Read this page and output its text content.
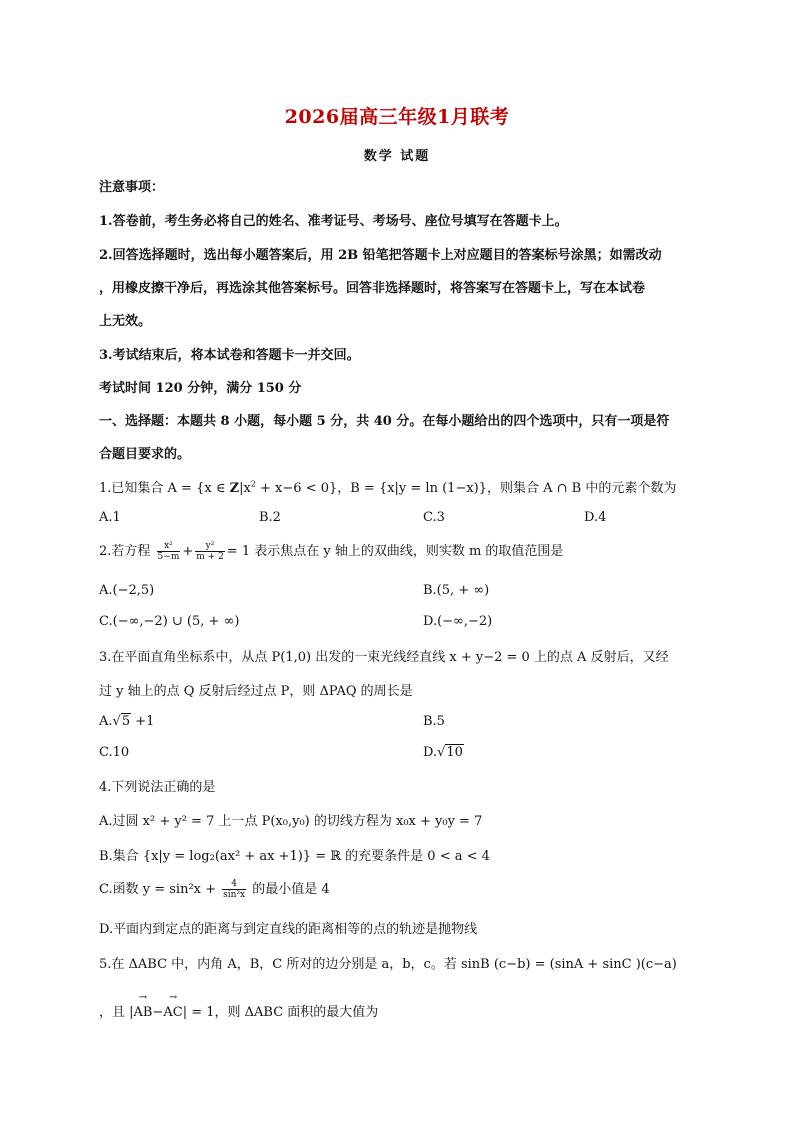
2026届高三年级1月联考
数学 试题
注意事项：
1.答卷前，考生务必将自己的姓名、准考证号、考场号、座位号填写在答题卡上。
2.回答选择题时，选出每小题答案后，用 2B 铅笔把答题卡上对应题目的答案标号涂黑；如需改动
，用橡皮擦干净后，再选涂其他答案标号。回答非选择题时，将答案写在答题卡上，写在本试卷
上无效。
3.考试结束后，将本试卷和答题卡一并交回。
考试时间 120 分钟，满分 150 分
一、选择题：本题共 8 小题，每小题 5 分，共 40 分。在每小题给出的四个选项中，只有一项是符
合题目要求的。
1.已知集合 A = {x ∈ $Z|x^2 + x-6 < 0$}，B = {x|y = ln (1−x)}，则集合 A ∩ B 中的元素个数为
A.1	B.2	C.3	D.4
2.若方程 $\frac{\text{x²}}{5-m} + \frac{\text{y²}}{m + 2} = 1$ 表示焦点在 y 轴上的双曲线，则实数 m 的取值范围是
A.(−2,5)	B.(5, + ∞)
C.(−∞,−2) ∪ (5, + ∞)	D.(−∞,−2)
3.在平面直角坐标系中，从点 P(1,0) 出发的一束光线经直线 x + y−2 = 0 上的点 A 反射后，又经
过 y 轴上的点 Q 反射后经过点 P，则 ΔPAQ 的周长是
A.√5 +1	B.5
C.10	D.√10
4.下列说法正确的是
A.过圆 x² + y² = 7 上一点 P(x₀,y₀) 的切线方程为 x₀x + y₀y = 7
B.集合 {x|y = log₂(ax² + ax +1)} = ℝ 的充要条件是 0 < a < 4
C.函数 $y = \sin^2x + \frac{4}{\text{sin²x}}$ 的最小值是 4
D.平面内到定点的距离与到定直线的距离相等的点的轨迹是抛物线
5.在 ΔABC 中，内角 A，B，C 所对的边分别是 a，b，c。若 sinB (c−b) = (sinA + sinC )(c−a)
，且 |→ AB−→ AC| = 1，则 ΔABC 面积的最大值为
